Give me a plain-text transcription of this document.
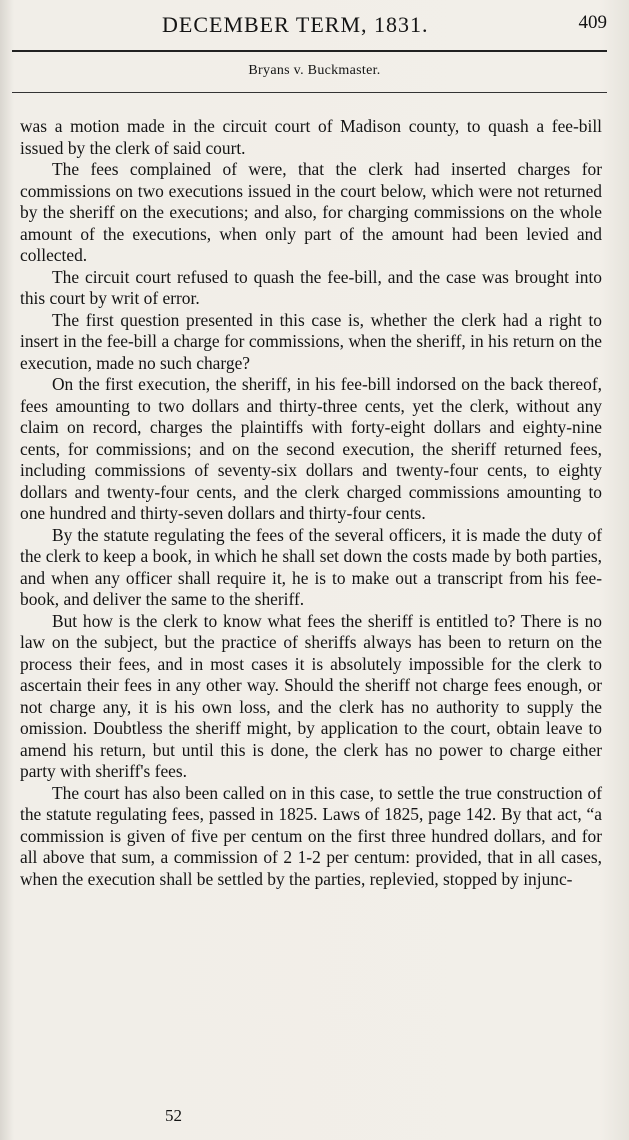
DECEMBER TERM, 1831.	409
Bryans v. Buckmaster.

was a motion made in the circuit court of Madison county, to quash a fee-bill issued by the clerk of said court.

The fees complained of were, that the clerk had inserted charges for commissions on two executions issued in the court below, which were not returned by the sheriff on the executions; and also, for charging commissions on the whole amount of the executions, when only part of the amount had been levied and collected.

The circuit court refused to quash the fee-bill, and the case was brought into this court by writ of error.

The first question presented in this case is, whether the clerk had a right to insert in the fee-bill a charge for commissions, when the sheriff, in his return on the execution, made no such charge?

On the first execution, the sheriff, in his fee-bill indorsed on the back thereof, fees amounting to two dollars and thirty-three cents, yet the clerk, without any claim on record, charges the plaintiffs with forty-eight dollars and eighty-nine cents, for commissions; and on the second execution, the sheriff returned fees, including commissions of seventy-six dollars and twenty-four cents, to eighty dollars and twenty-four cents, and the clerk charged commissions amounting to one hundred and thirty-seven dollars and thirty-four cents.

By the statute regulating the fees of the several officers, it is made the duty of the clerk to keep a book, in which he shall set down the costs made by both parties, and when any officer shall require it, he is to make out a transcript from his fee-book, and deliver the same to the sheriff.

But how is the clerk to know what fees the sheriff is entitled to? There is no law on the subject, but the practice of sheriffs always has been to return on the process their fees, and in most cases it is absolutely impossible for the clerk to ascertain their fees in any other way. Should the sheriff not charge fees enough, or not charge any, it is his own loss, and the clerk has no authority to supply the omission. Doubtless the sheriff might, by application to the court, obtain leave to amend his return, but until this is done, the clerk has no power to charge either party with sheriff's fees.

The court has also been called on in this case, to settle the true construction of the statute regulating fees, passed in 1825. Laws of 1825, page 142. By that act, “a commission is given of five per centum on the first three hundred dollars, and for all above that sum, a commission of 2 1-2 per centum: provided, that in all cases, when the execution shall be settled by the parties, replevied, stopped by injunc-

52
